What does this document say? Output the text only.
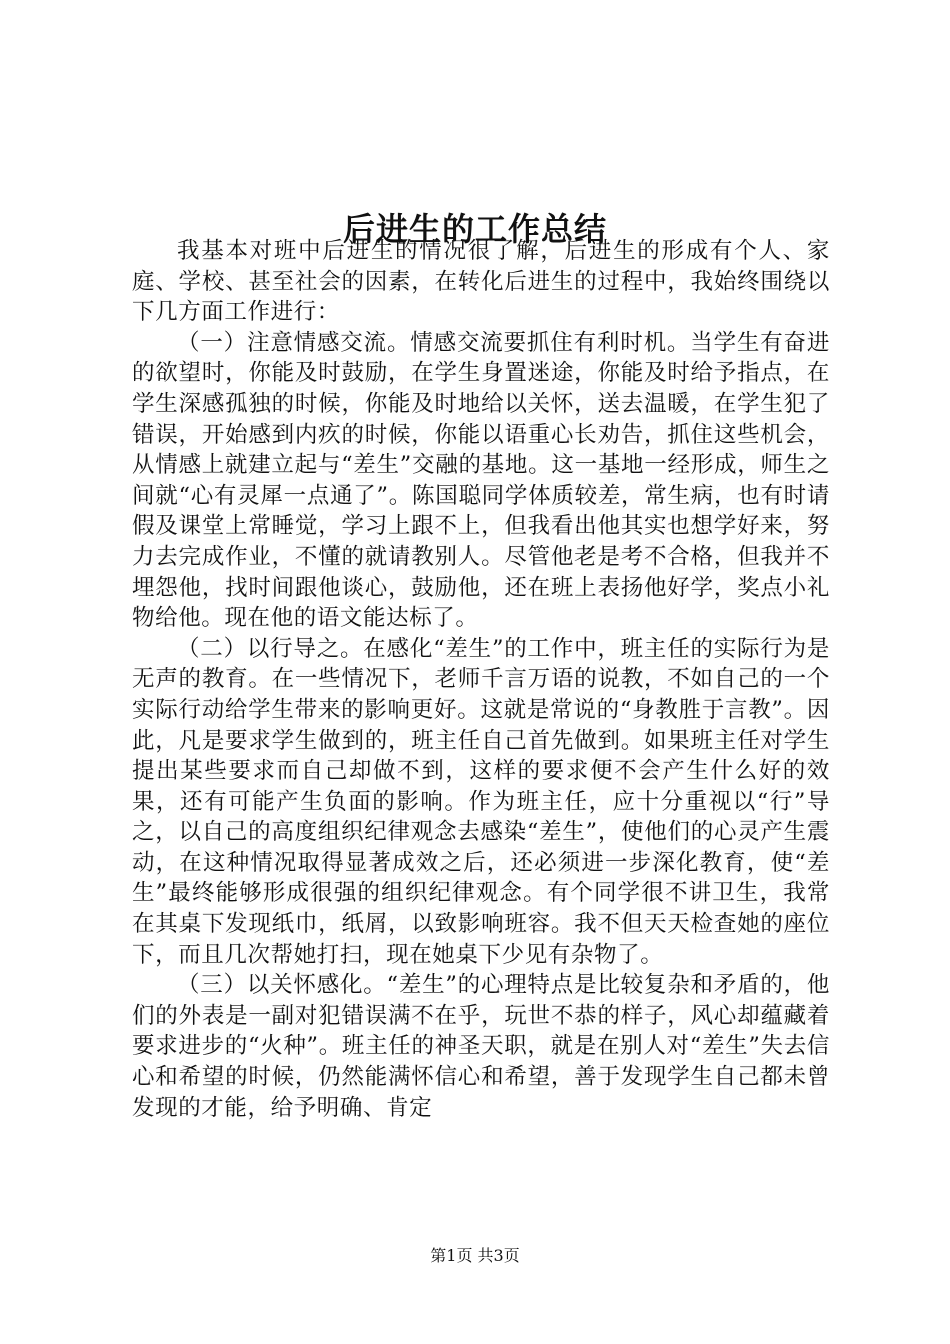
后进生的工作总结

我基本对班中后进生的情况很了解，后进生的形成有个人、家庭、学校、甚至社会的因素，在转化后进生的过程中，我始终围绕以下几方面工作进行：

（一）注意情感交流。情感交流要抓住有利时机。当学生有奋进的欲望时，你能及时鼓励，在学生身置迷途，你能及时给予指点，在学生深感孤独的时候，你能及时地给以关怀，送去温暖，在学生犯了错误，开始感到内疚的时候，你能以语重心长劝告，抓住这些机会，从情感上就建立起与“差生”交融的基地。这一基地一经形成，师生之间就“心有灵犀一点通了”。陈国聪同学体质较差，常生病，也有时请假及课堂上常睡觉，学习上跟不上，但我看出他其实也想学好来，努力去完成作业，不懂的就请教别人。尽管他老是考不合格，但我并不埋怨他，找时间跟他谈心，鼓励他，还在班上表扬他好学，奖点小礼物给他。现在他的语文能达标了。

（二）以行导之。在感化“差生”的工作中，班主任的实际行为是无声的教育。在一些情况下，老师千言万语的说教，不如自己的一个实际行动给学生带来的影响更好。这就是常说的“身教胜于言教”。因此，凡是要求学生做到的，班主任自己首先做到。如果班主任对学生提出某些要求而自己却做不到，这样的要求便不会产生什么好的效果，还有可能产生负面的影响。作为班主任，应十分重视以“行”导之，以自己的高度组织纪律观念去感染“差生”，使他们的心灵产生震动，在这种情况取得显著成效之后，还必须进一步深化教育，使“差生”最终能够形成很强的组织纪律观念。有个同学很不讲卫生，我常在其桌下发现纸巾，纸屑，以致影响班容。我不但天天检查她的座位下，而且几次帮她打扫，现在她桌下少见有杂物了。

（三）以关怀感化。“差生”的心理特点是比较复杂和矛盾的，他们的外表是一副对犯错误满不在乎，玩世不恭的样子，风心却蕴藏着要求进步的“火种”。班主任的神圣天职，就是在别人对“差生”失去信心和希望的时候，仍然能满怀信心和希望，善于发现学生自己都未曾发现的才能，给予明确、肯定

第1页 共3页
